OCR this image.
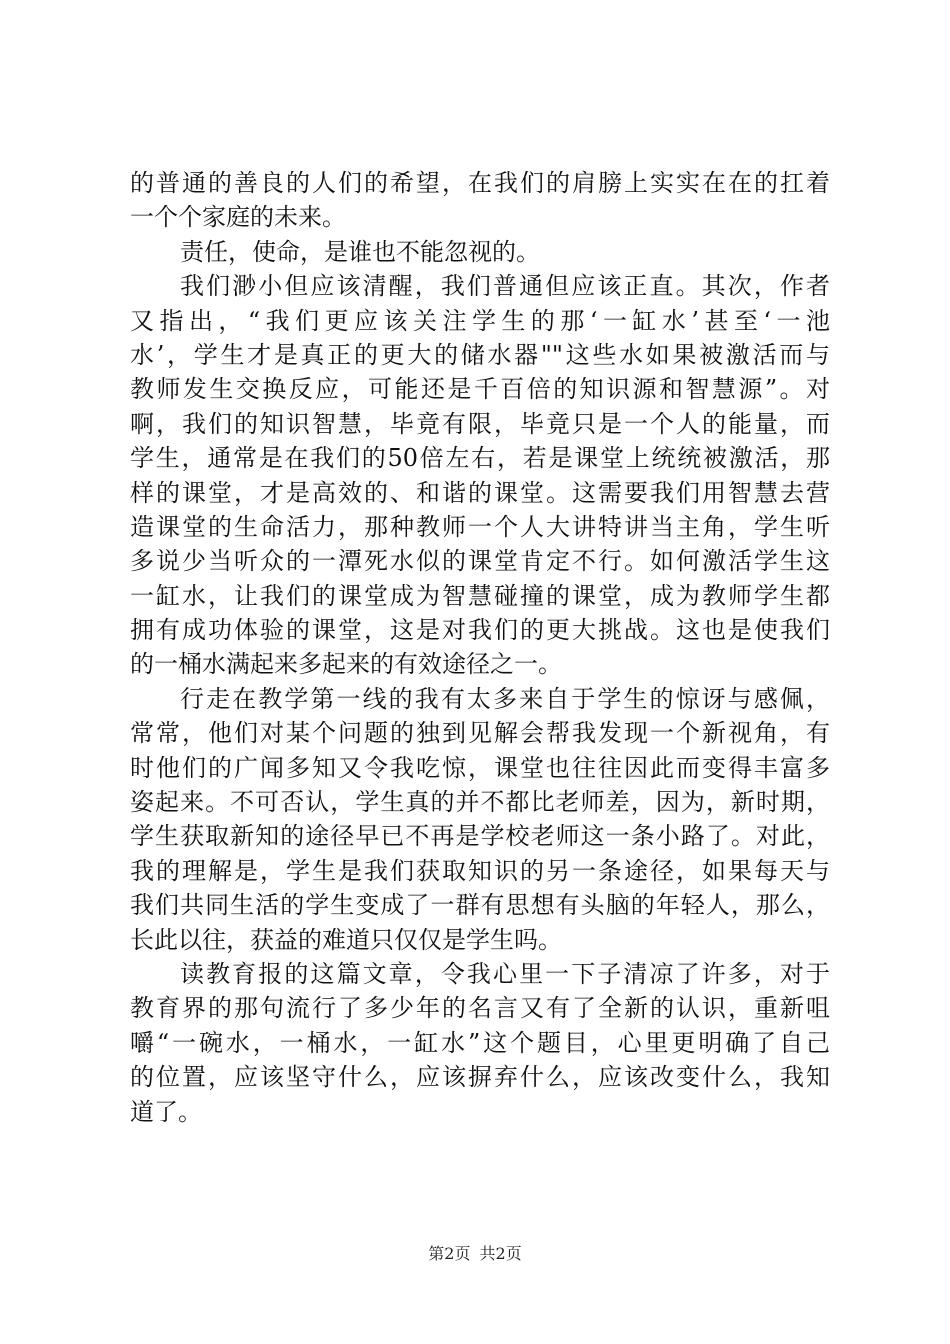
的普通的善良的人们的希望，在我们的肩膀上实实在在的扛着
一个个家庭的未来。
责任，使命，是谁也不能忽视的。
我们渺小但应该清醒，我们普通但应该正直。其次，作者
又指出，“我们更应该关注学生的那‘一缸水’甚至‘一池
水’，学生才是真正的更大的储水器""这些水如果被激活而与
教师发生交换反应，可能还是千百倍的知识源和智慧源”。对
啊，我们的知识智慧，毕竟有限，毕竟只是一个人的能量，而
学生，通常是在我们的50倍左右，若是课堂上统统被激活，那
样的课堂，才是高效的、和谐的课堂。这需要我们用智慧去营
造课堂的生命活力，那种教师一个人大讲特讲当主角，学生听
多说少当听众的一潭死水似的课堂肯定不行。如何激活学生这
一缸水，让我们的课堂成为智慧碰撞的课堂，成为教师学生都
拥有成功体验的课堂，这是对我们的更大挑战。这也是使我们
的一桶水满起来多起来的有效途径之一。
行走在教学第一线的我有太多来自于学生的惊讶与感佩，
常常，他们对某个问题的独到见解会帮我发现一个新视角，有
时他们的广闻多知又令我吃惊，课堂也往往因此而变得丰富多
姿起来。不可否认，学生真的并不都比老师差，因为，新时期，
学生获取新知的途径早已不再是学校老师这一条小路了。对此，
我的理解是，学生是我们获取知识的另一条途径，如果每天与
我们共同生活的学生变成了一群有思想有头脑的年轻人，那么，
长此以往，获益的难道只仅仅是学生吗。
读教育报的这篇文章，令我心里一下子清凉了许多，对于
教育界的那句流行了多少年的名言又有了全新的认识，重新咀
嚼“一碗水，一桶水，一缸水”这个题目，心里更明确了自己
的位置，应该坚守什么，应该摒弃什么，应该改变什么，我知
道了。
第2页 共2页
